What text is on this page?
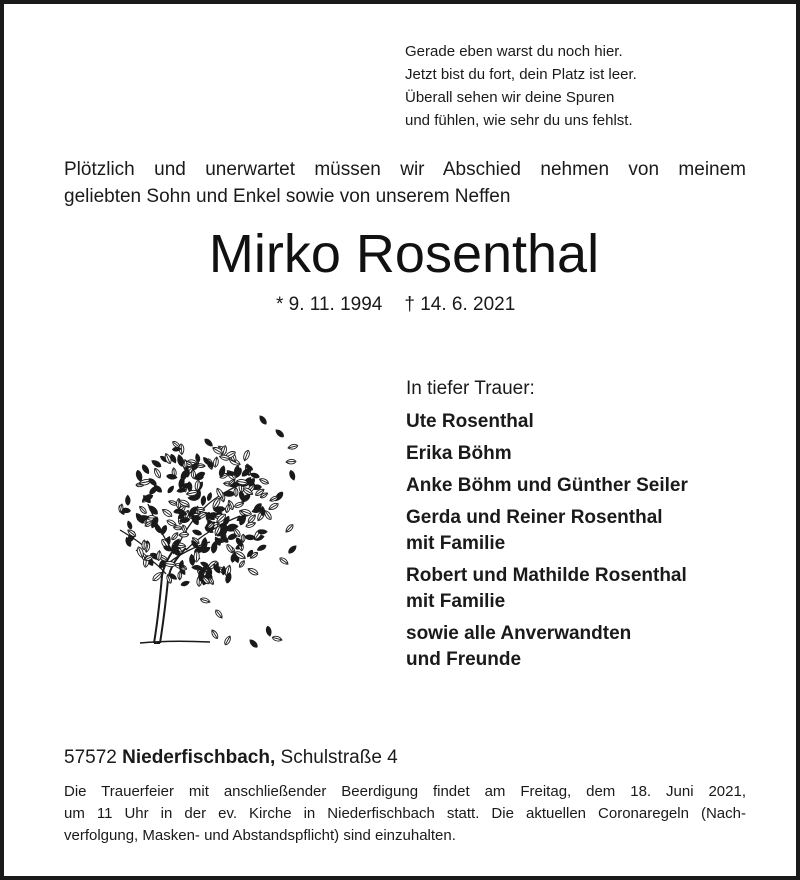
Gerade eben warst du noch hier.
Jetzt bist du fort, dein Platz ist leer.
Überall sehen wir deine Spuren
und fühlen, wie sehr du uns fehlst.
Plötzlich und unerwartet müssen wir Abschied nehmen von meinem
geliebten Sohn und Enkel sowie von unserem Neffen
Mirko Rosenthal
* 9. 11. 1994 † 14. 6. 2021
In tiefer Trauer:
Ute Rosenthal
Erika Böhm
Anke Böhm und Günther Seiler
Gerda und Reiner Rosenthal
mit Familie
Robert und Mathilde Rosenthal
mit Familie
sowie alle Anverwandten
und Freunde
57572 Niederfischbach, Schulstraße 4
Die Trauerfeier mit anschließender Beerdigung findet am Freitag, dem 18. Juni 2021,
um 11 Uhr in der ev. Kirche in Niederfischbach statt. Die aktuellen Coronaregeln (Nach-
verfolgung, Masken- und Abstandspflicht) sind einzuhalten.
